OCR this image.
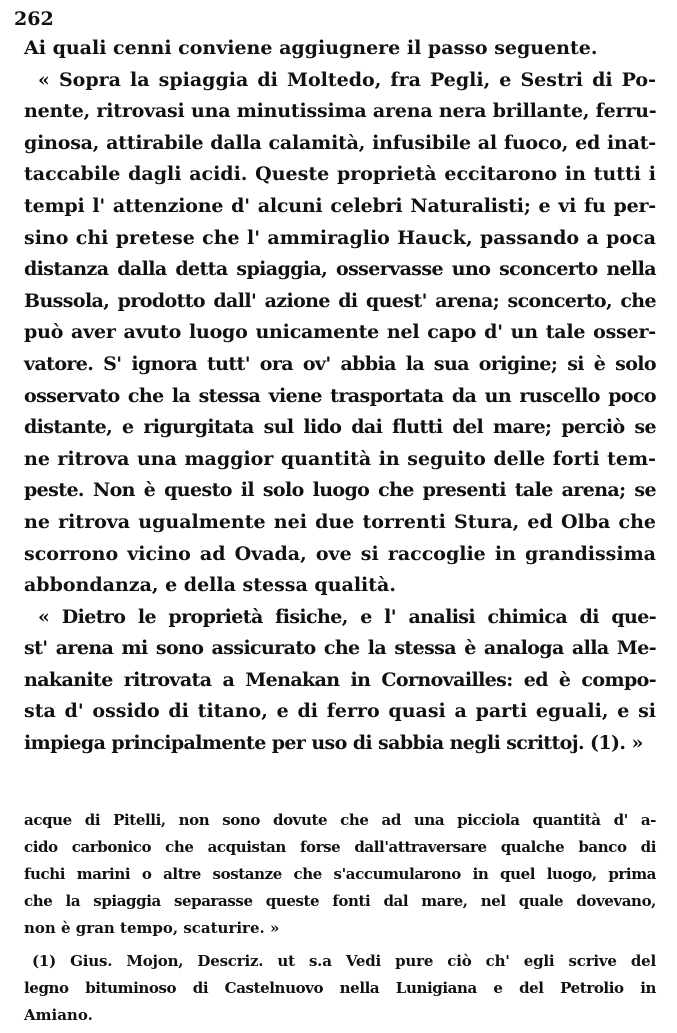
262
Ai quali cenni conviene aggiugnere il passo seguente.
« Sopra la spiaggia di Moltedo, fra Pegli, e Sestri di Po-
nente, ritrovasi una minutissima arena nera brillante, ferru-
ginosa, attirabile dalla calamità, infusibile al fuoco, ed inat-
taccabile dagli acidi. Queste proprietà eccitarono in tutti i
tempi l' attenzione d' alcuni celebri Naturalisti; e vi fu per-
sino chi pretese che l' ammiraglio Hauck, passando a poca
distanza dalla detta spiaggia, osservasse uno sconcerto nella
Bussola, prodotto dall' azione di quest' arena; sconcerto, che
può aver avuto luogo unicamente nel capo d' un tale osser-
vatore. S' ignora tutt' ora ov' abbia la sua origine; si è solo
osservato che la stessa viene trasportata da un ruscello poco
distante, e rigurgitata sul lido dai flutti del mare; perciò se
ne ritrova una maggior quantità in seguito delle forti tem-
peste. Non è questo il solo luogo che presenti tale arena; se
ne ritrova ugualmente nei due torrenti Stura, ed Olba che
scorrono vicino ad Ovada, ove si raccoglie in grandissima
abbondanza, e della stessa qualità.
« Dietro le proprietà fisiche, e l' analisi chimica di que-
st' arena mi sono assicurato che la stessa è analoga alla Me-
nakanite ritrovata a Menakan in Cornovailles: ed è compo-
sta d' ossido di titano, e di ferro quasi a parti eguali, e si
impiega principalmente per uso di sabbia negli scrittoj. (1). »
acque di Pitelli, non sono dovute che ad una picciola quantità d' a-
cido carbonico che acquistan forse dall'attraversare qualche banco di
fuchi marini o altre sostanze che s'accumularono in quel luogo, prima
che la spiaggia separasse queste fonti dal mare, nel quale dovevano,
non è gran tempo, scaturire. »
(1) Gius. Mojon, Descriz. ut s.a Vedi pure ciò ch' egli scrive del
legno bituminoso di Castelnuovo nella Lunigiana e del Petrolio in
Amiano.
